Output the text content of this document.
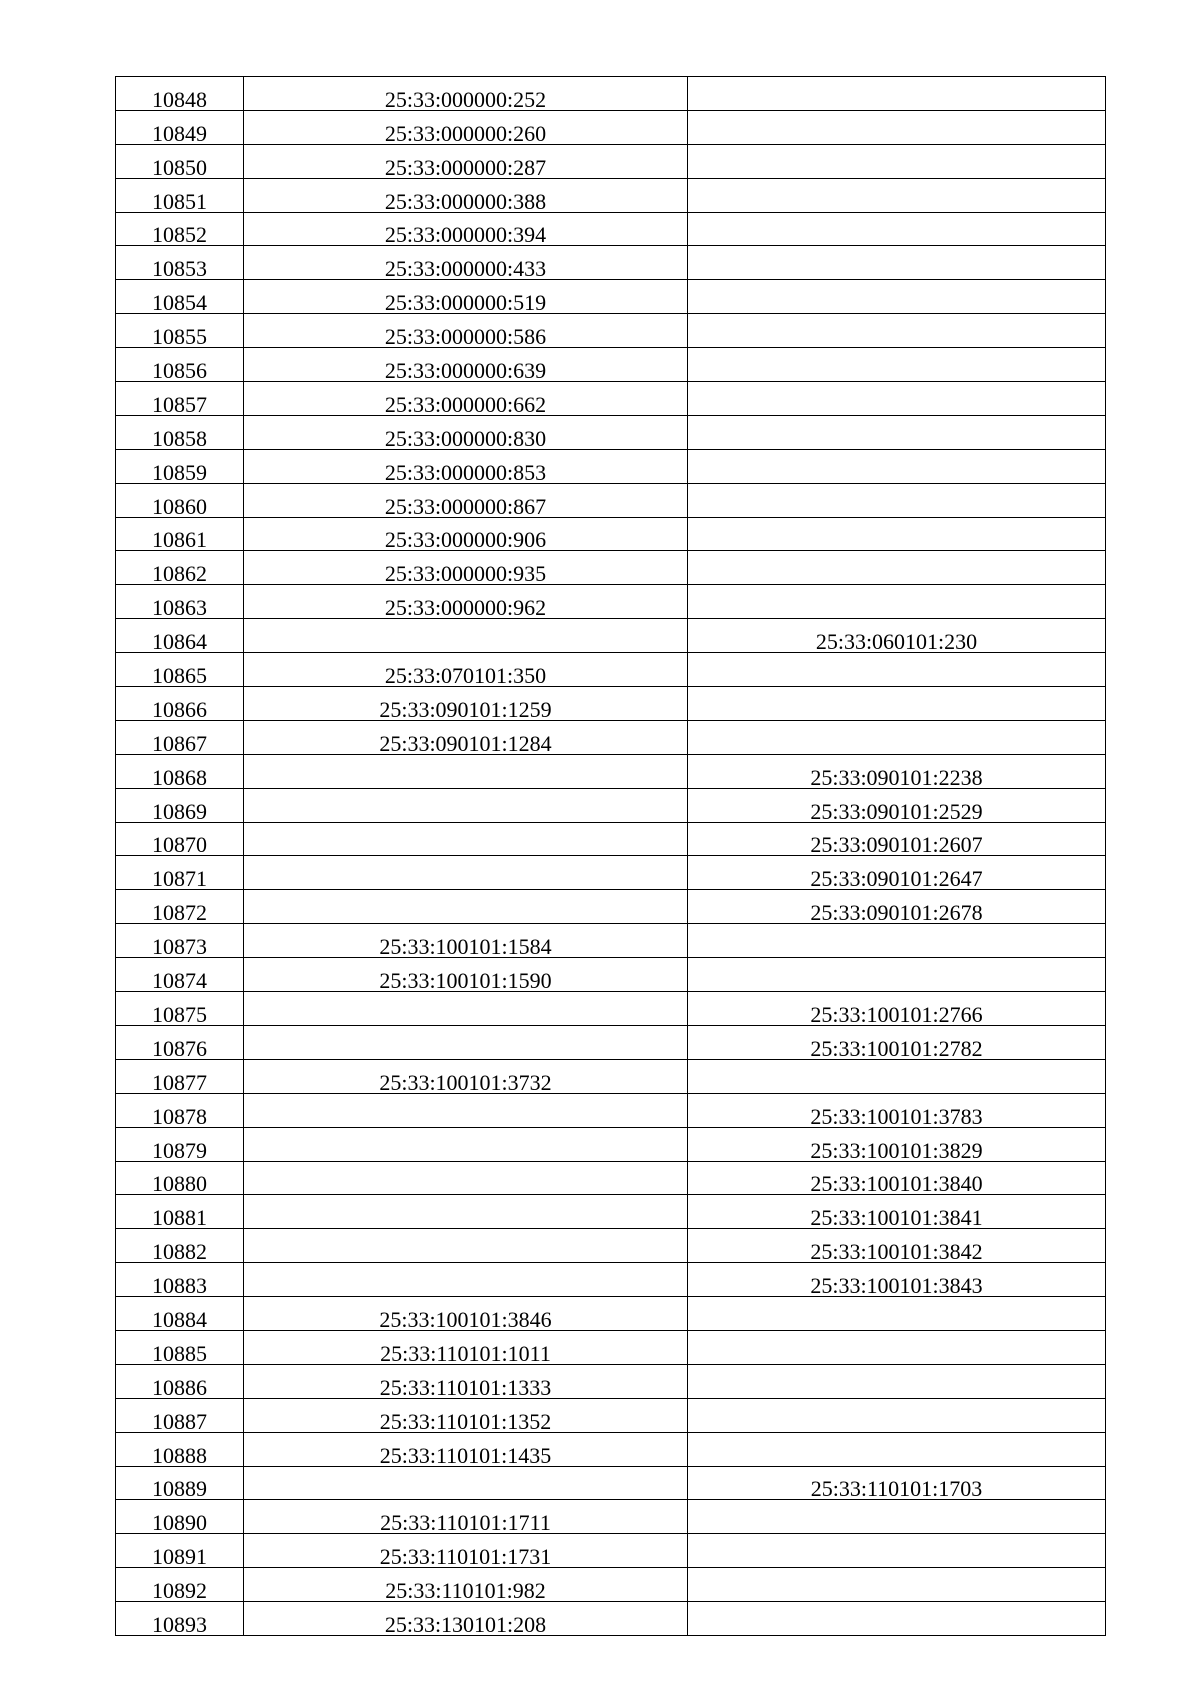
10848	25:33:000000:252	
10849	25:33:000000:260	
10850	25:33:000000:287	
10851	25:33:000000:388	
10852	25:33:000000:394	
10853	25:33:000000:433	
10854	25:33:000000:519	
10855	25:33:000000:586	
10856	25:33:000000:639	
10857	25:33:000000:662	
10858	25:33:000000:830	
10859	25:33:000000:853	
10860	25:33:000000:867	
10861	25:33:000000:906	
10862	25:33:000000:935	
10863	25:33:000000:962	
10864		25:33:060101:230
10865	25:33:070101:350	
10866	25:33:090101:1259	
10867	25:33:090101:1284	
10868		25:33:090101:2238
10869		25:33:090101:2529
10870		25:33:090101:2607
10871		25:33:090101:2647
10872		25:33:090101:2678
10873	25:33:100101:1584	
10874	25:33:100101:1590	
10875		25:33:100101:2766
10876		25:33:100101:2782
10877	25:33:100101:3732	
10878		25:33:100101:3783
10879		25:33:100101:3829
10880		25:33:100101:3840
10881		25:33:100101:3841
10882		25:33:100101:3842
10883		25:33:100101:3843
10884	25:33:100101:3846	
10885	25:33:110101:1011	
10886	25:33:110101:1333	
10887	25:33:110101:1352	
10888	25:33:110101:1435	
10889		25:33:110101:1703
10890	25:33:110101:1711	
10891	25:33:110101:1731	
10892	25:33:110101:982	
10893	25:33:130101:208	
